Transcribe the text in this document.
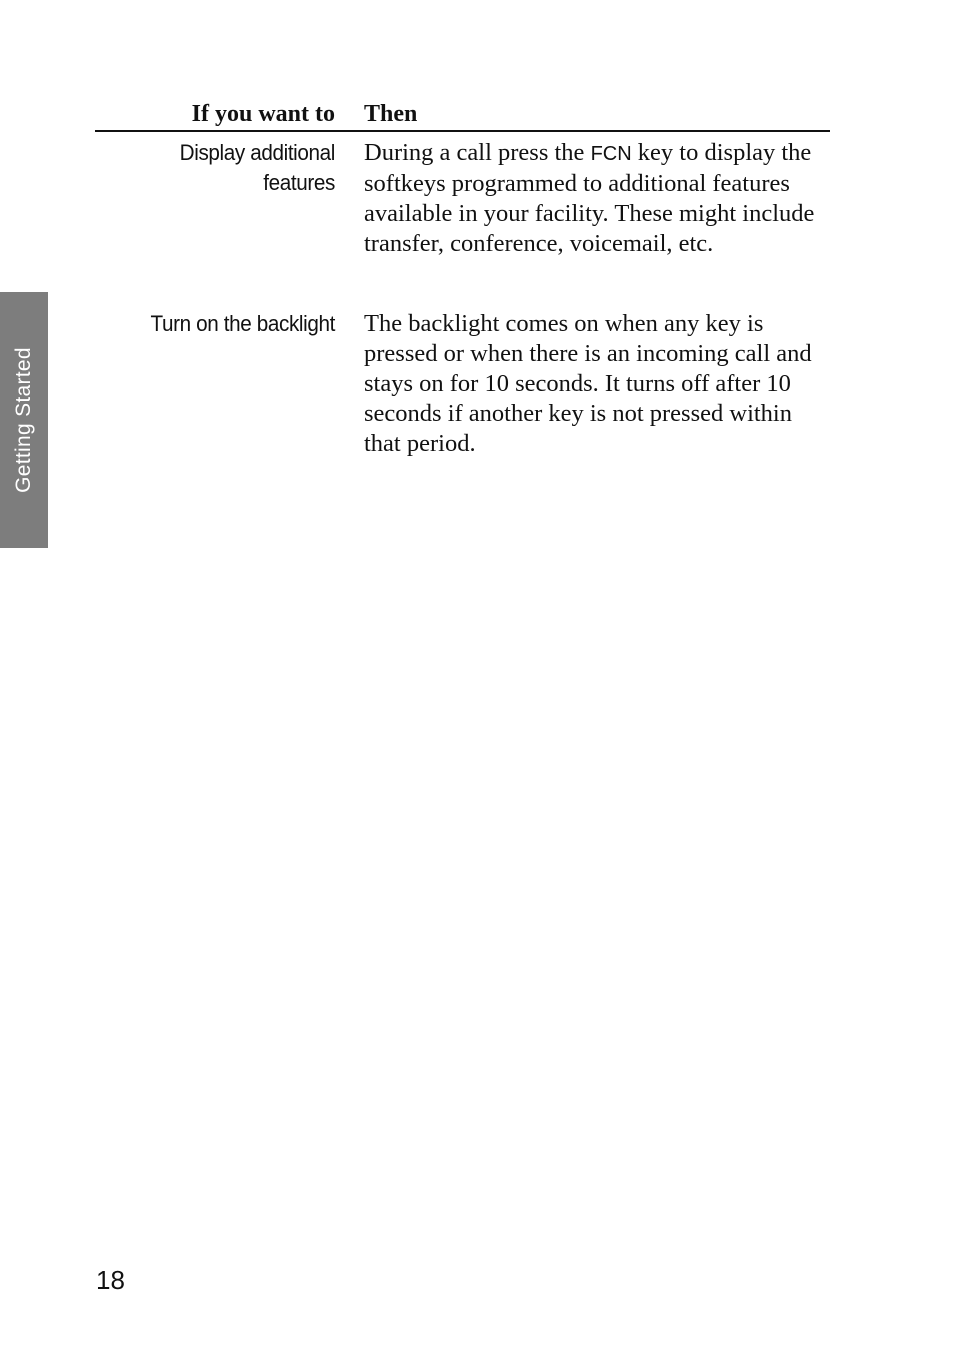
Getting Started
If you want to Then
Display additional features
During a call press the FCN key to display the softkeys programmed to additional features available in your facility. These might include transfer, conference, voicemail, etc.
Turn on the backlight The backlight comes on when any key is pressed or when there is an incoming call and stays on for 10 seconds. It turns off after 10 seconds if another key is not pressed within that period.
18
